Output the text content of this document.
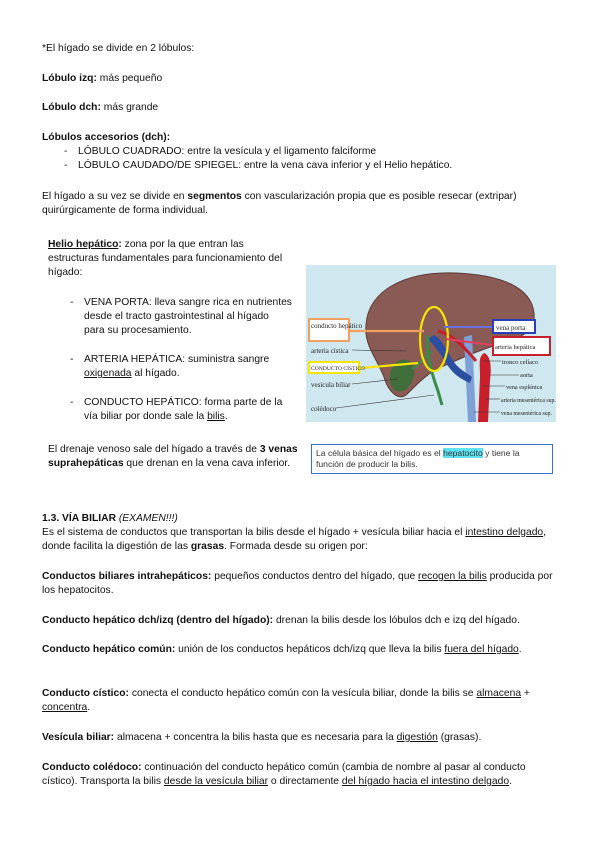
*El hígado se divide en 2 lóbulos:

Lóbulo izq: más pequeño

Lóbulo dch: más grande

Lóbulos accesorios (dch):

- LÓBULO CUADRADO: entre la vesícula y el ligamento falciforme
- LÓBULO CAUDADO/DE SPIEGEL: entre la vena cava inferior y el Helio hepático.

El hígado a su vez se divide en segmentos con vascularización propia que es posible resecar (extripar) quirúrgicamente de forma individual.

Helio hepático: zona por la que entran las estructuras fundamentales para funcionamiento del hígado:

- VENA PORTA: lleva sangre rica en nutrientes desde el tracto gastrointestinal al hígado para su procesamiento.
- ARTERIA HEPÁTICA: suministra sangre oxigenada al hígado.
- CONDUCTO HEPÁTICO: forma parte de la vía biliar por donde sale la bilis.

El drenaje venoso sale del hígado a través de 3 venas suprahepáticas que drenan en la vena cava inferior.

conducto hepático
arteria cística
CONDUCTO CÍSTICO
vesícula biliar
colédoco
vena porta
arteria hepática
tronco celíaco
aorta
vena esplénica
arteria mesentérica sup.
vena mesentérica sup.
La célula básica del hígado es el hepatocito y tiene la función de producir la bilis.

1.3. VÍA BILIAR (EXAMEN!!!)

Es el sistema de conductos que transportan la bilis desde el hígado + vesícula biliar hacia el intestino delgado, donde facilita la digestión de las grasas. Formada desde su origen por:

Conductos biliares intrahepáticos: pequeños conductos dentro del hígado, que recogen la bilis producida por los hepatocitos.

Conducto hepático dch/izq (dentro del hígado): drenan la bilis desde los lóbulos dch e izq del hígado.

Conducto hepático común: unión de los conductos hepáticos dch/izq que lleva la bilis fuera del hígado.

Conducto cístico: conecta el conducto hepático común con la vesícula biliar, donde la bilis se almacena + concentra.

Vesícula biliar: almacena + concentra la bilis hasta que es necesaria para la digestión (grasas).

Conducto colédoco: continuación del conducto hepático común (cambia de nombre al pasar al conducto cístico). Transporta la bilis desde la vesícula biliar o directamente del hígado hacia el intestino delgado.
